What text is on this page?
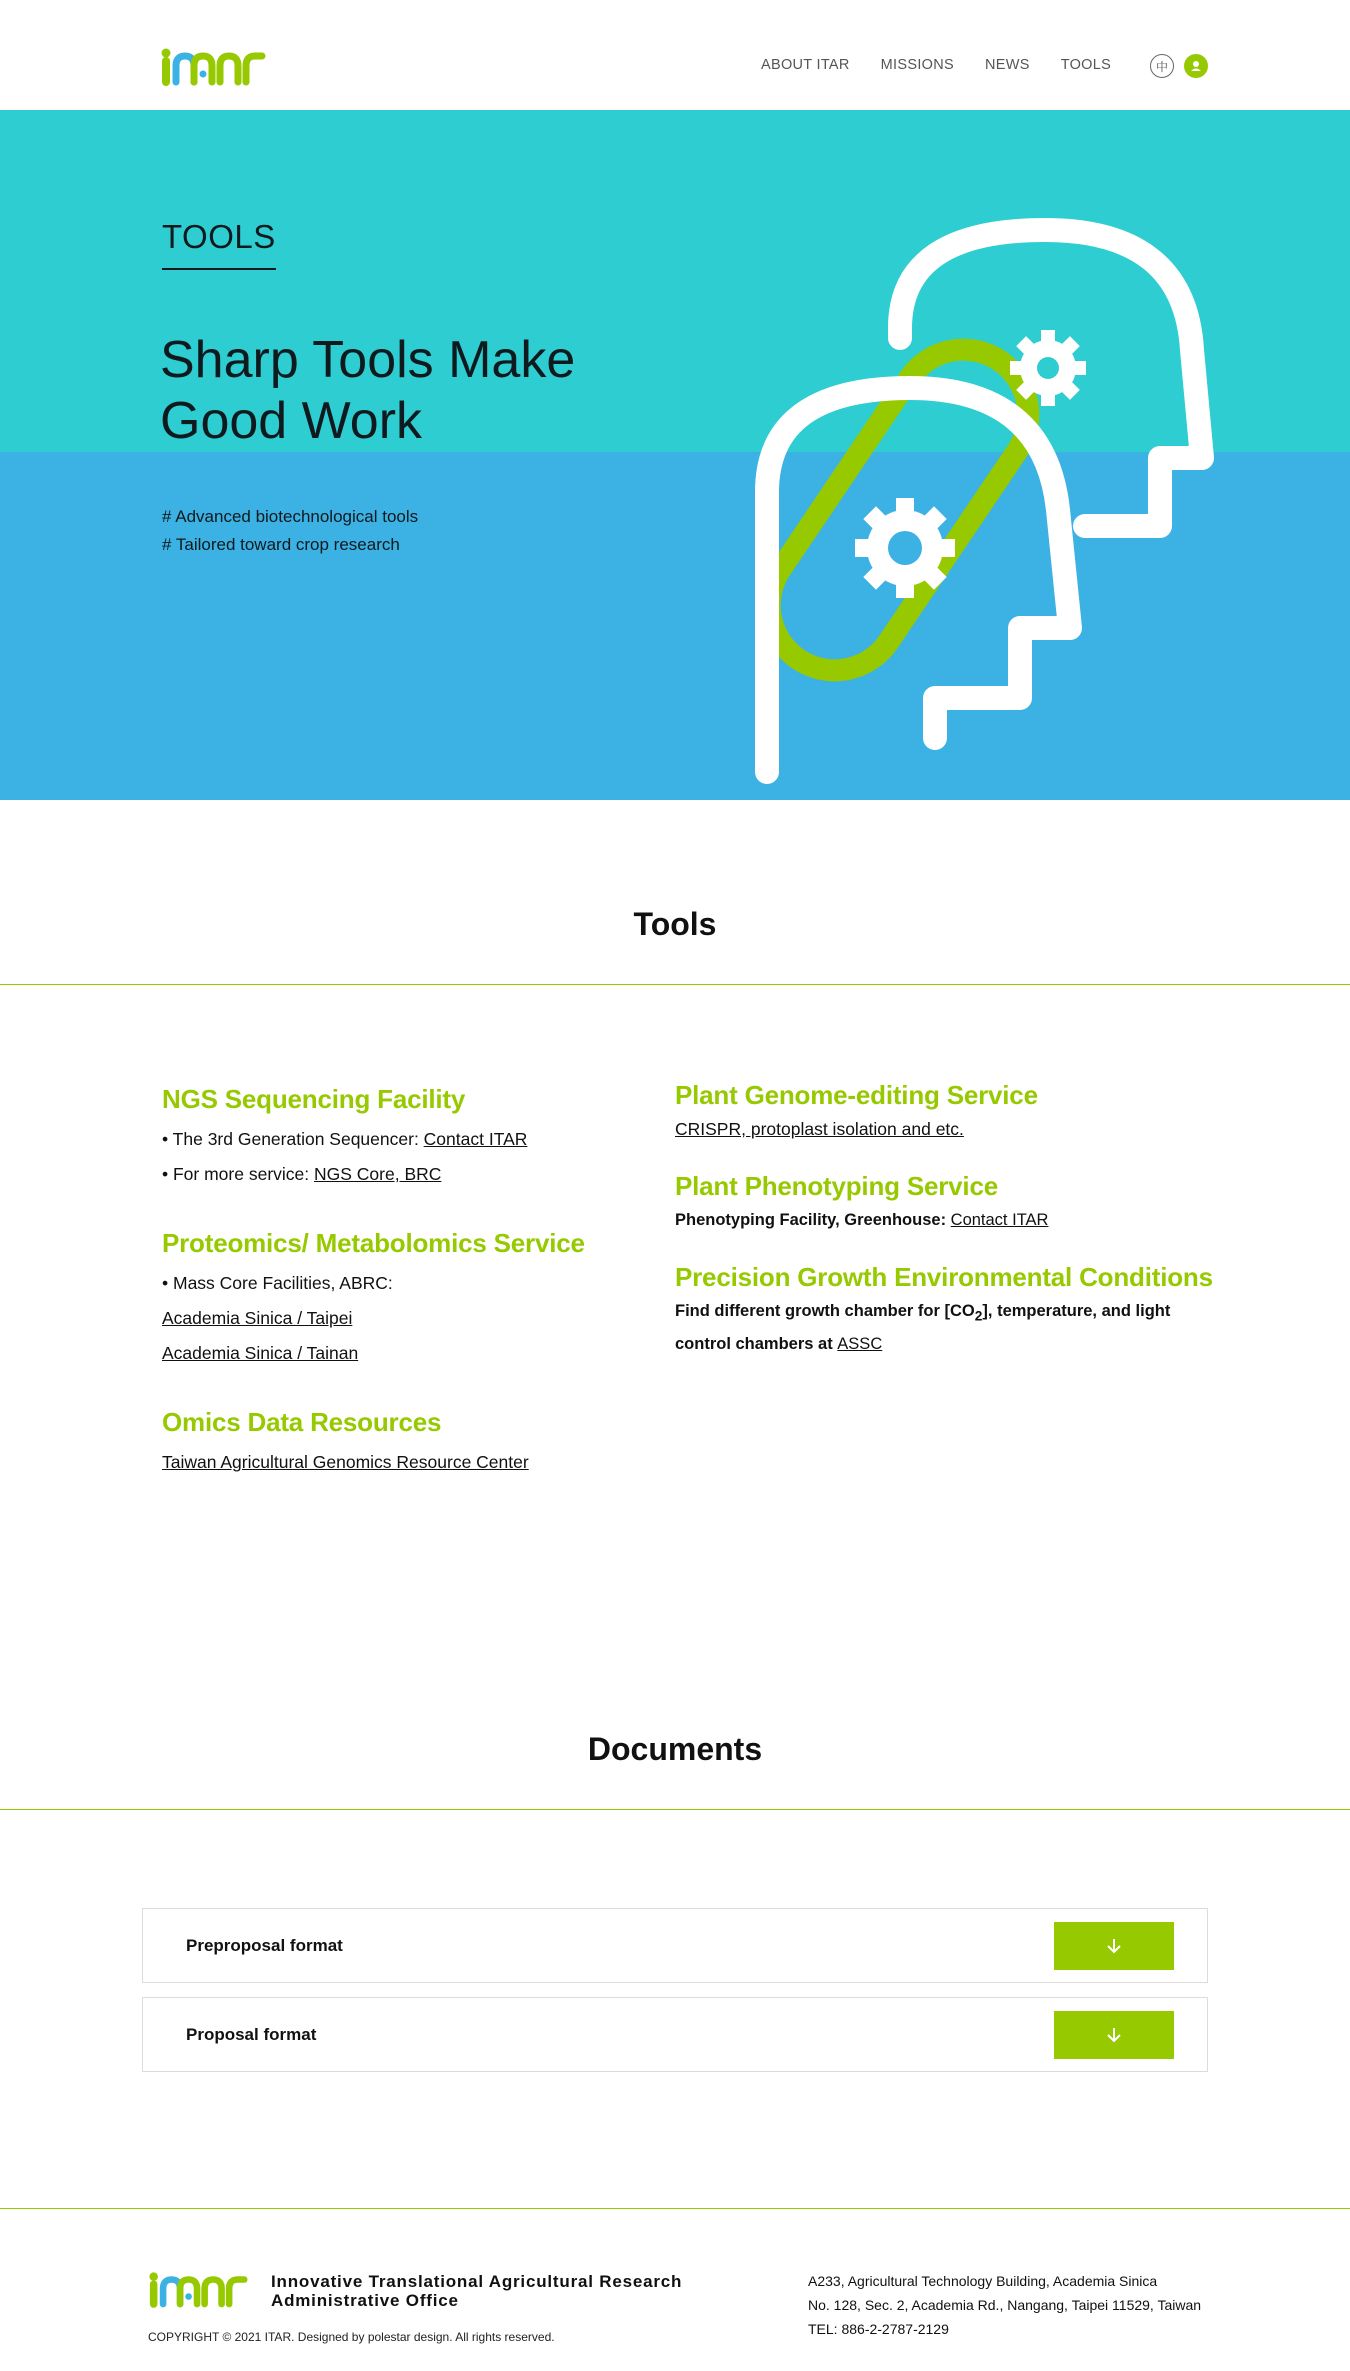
ABOUT ITAR MISSIONS NEWS TOOLS	中
TOOLS
Sharp Tools Make
Good Work
# Advanced biotechnological tools
# Tailored toward crop research
Tools
NGS Sequencing Facility
• The 3rd Generation Sequencer: Contact ITAR
• For more service: NGS Core, BRC
Proteomics/ Metabolomics Service
• Mass Core Facilities, ABRC:
Academia Sinica / Taipei
Academia Sinica / Tainan
Omics Data Resources
Taiwan Agricultural Genomics Resource Center
Plant Genome-editing Service
CRISPR, protoplast isolation and etc.
Plant Phenotyping Service
Phenotyping Facility, Greenhouse: Contact ITAR
Precision Growth Environmental Conditions
Find different growth chamber for $[CO_2]$, temperature, and light control chambers at ASSC
Documents
Preproposal format
Proposal format
Innovative Translational Agricultural Research
Administrative Office
COPYRIGHT © 2021 ITAR. Designed by polestar design. All rights reserved.
A233, Agricultural Technology Building, Academia Sinica
No. 128, Sec. 2, Academia Rd., Nangang, Taipei 11529, Taiwan
TEL: 886-2-2787-2129
